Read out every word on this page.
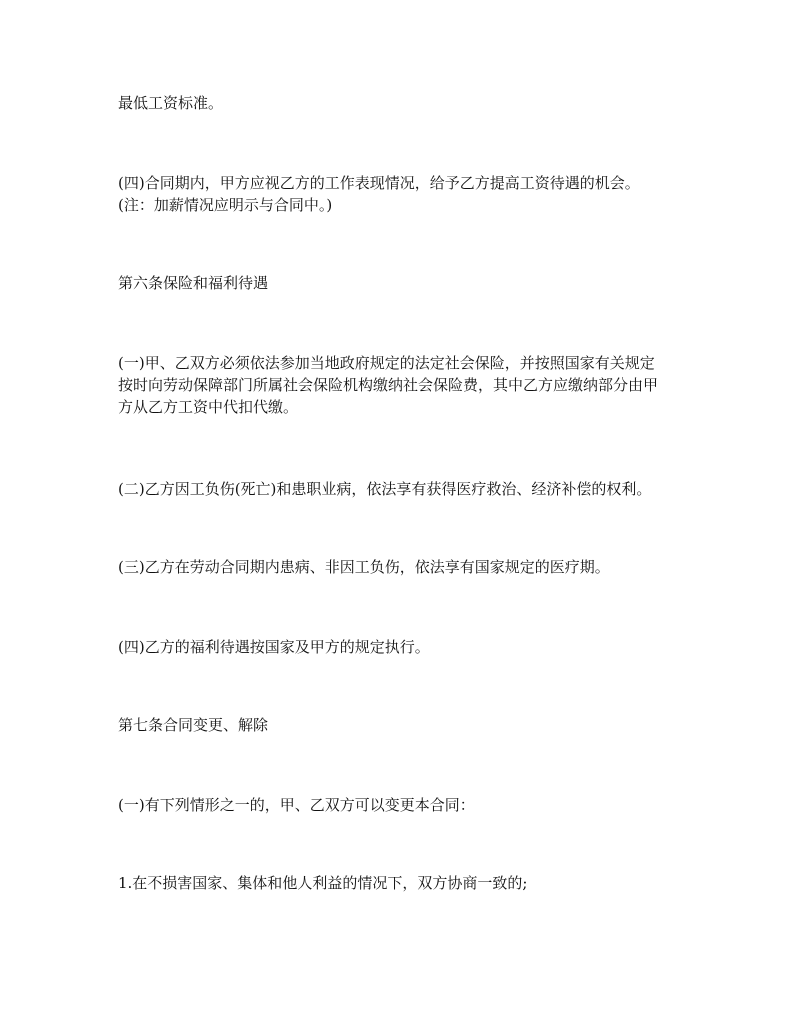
最低工资标准。

(四)合同期内，甲方应视乙方的工作表现情况，给予乙方提高工资待遇的机会。
(注：加薪情况应明示与合同中。)

第六条保险和福利待遇

(一)甲、乙双方必须依法参加当地政府规定的法定社会保险，并按照国家有关规定
按时向劳动保障部门所属社会保险机构缴纳社会保险费，其中乙方应缴纳部分由甲
方从乙方工资中代扣代缴。

(二)乙方因工负伤(死亡)和患职业病，依法享有获得医疗救治、经济补偿的权利。

(三)乙方在劳动合同期内患病、非因工负伤，依法享有国家规定的医疗期。

(四)乙方的福利待遇按国家及甲方的规定执行。

第七条合同变更、解除

(一)有下列情形之一的，甲、乙双方可以变更本合同：

1.在不损害国家、集体和他人利益的情况下，双方协商一致的;
